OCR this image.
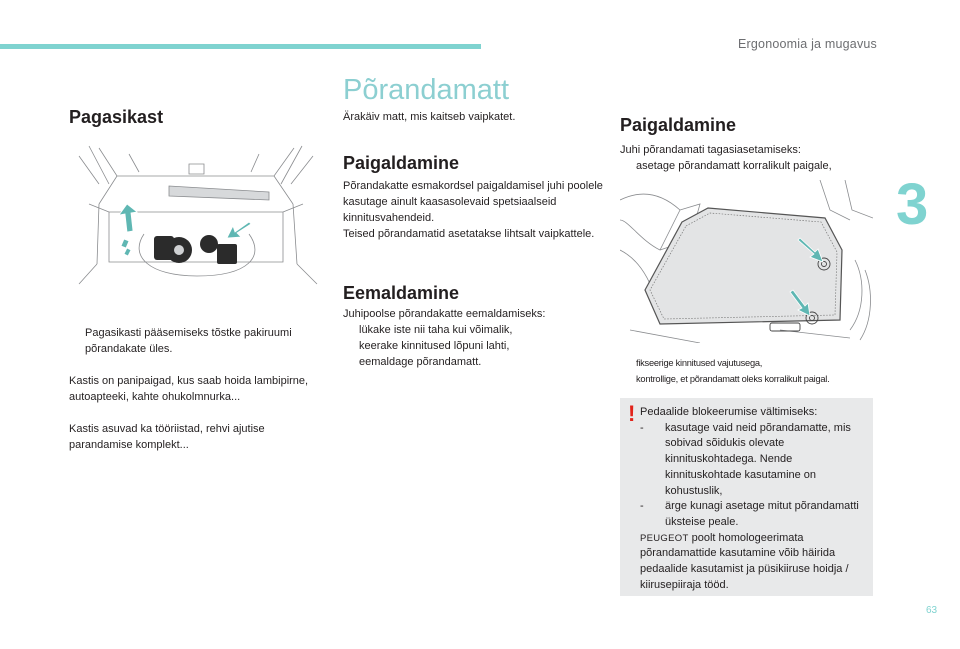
Ergonoomia ja mugavus
3
63
Pagasikast
Pagasikasti pääsemiseks tõstke pakiruumi põrandakate üles.
Kastis on panipaigad, kus saab hoida lambipirne, autoapteeki, kahte ohukolmnurka...
Kastis asuvad ka tööriistad, rehvi ajutise parandamise komplekt...
Põrandamatt
Ärakäiv matt, mis kaitseb vaipkatet.
Paigaldamine
Põrandakatte esmakordsel paigaldamisel juhi poolele kasutage ainult kaasasolevaid spetsiaalseid kinnitusvahendeid.
Teised põrandamatid asetatakse lihtsalt vaipkattele.
Eemaldamine
Juhipoolse põrandakatte eemaldamiseks:
lükake iste nii taha kui võimalik,
keerake kinnitused lõpuni lahti,
eemaldage põrandamatt.
Paigaldamine
Juhi põrandamati tagasiasetamiseks:
asetage põrandamatt korralikult paigale,
fikseerige kinnitused vajutusega,
kontrollige, et põrandamatt oleks korralikult paigal.
! Pedaalide blokeerumise vältimiseks:
-	kasutage vaid neid põrandamatte, mis sobivad sõidukis olevate kinnituskohtadega. Nende kinnituskohtade kasutamine on kohustuslik,
-	ärge kunagi asetage mitut põrandamatti üksteise peale.
PEUGEOT poolt homologeerimata põrandamattide kasutamine võib häirida pedaalide kasutamist ja püsikiiruse hoidja / kiirusepiiraja tööd.
